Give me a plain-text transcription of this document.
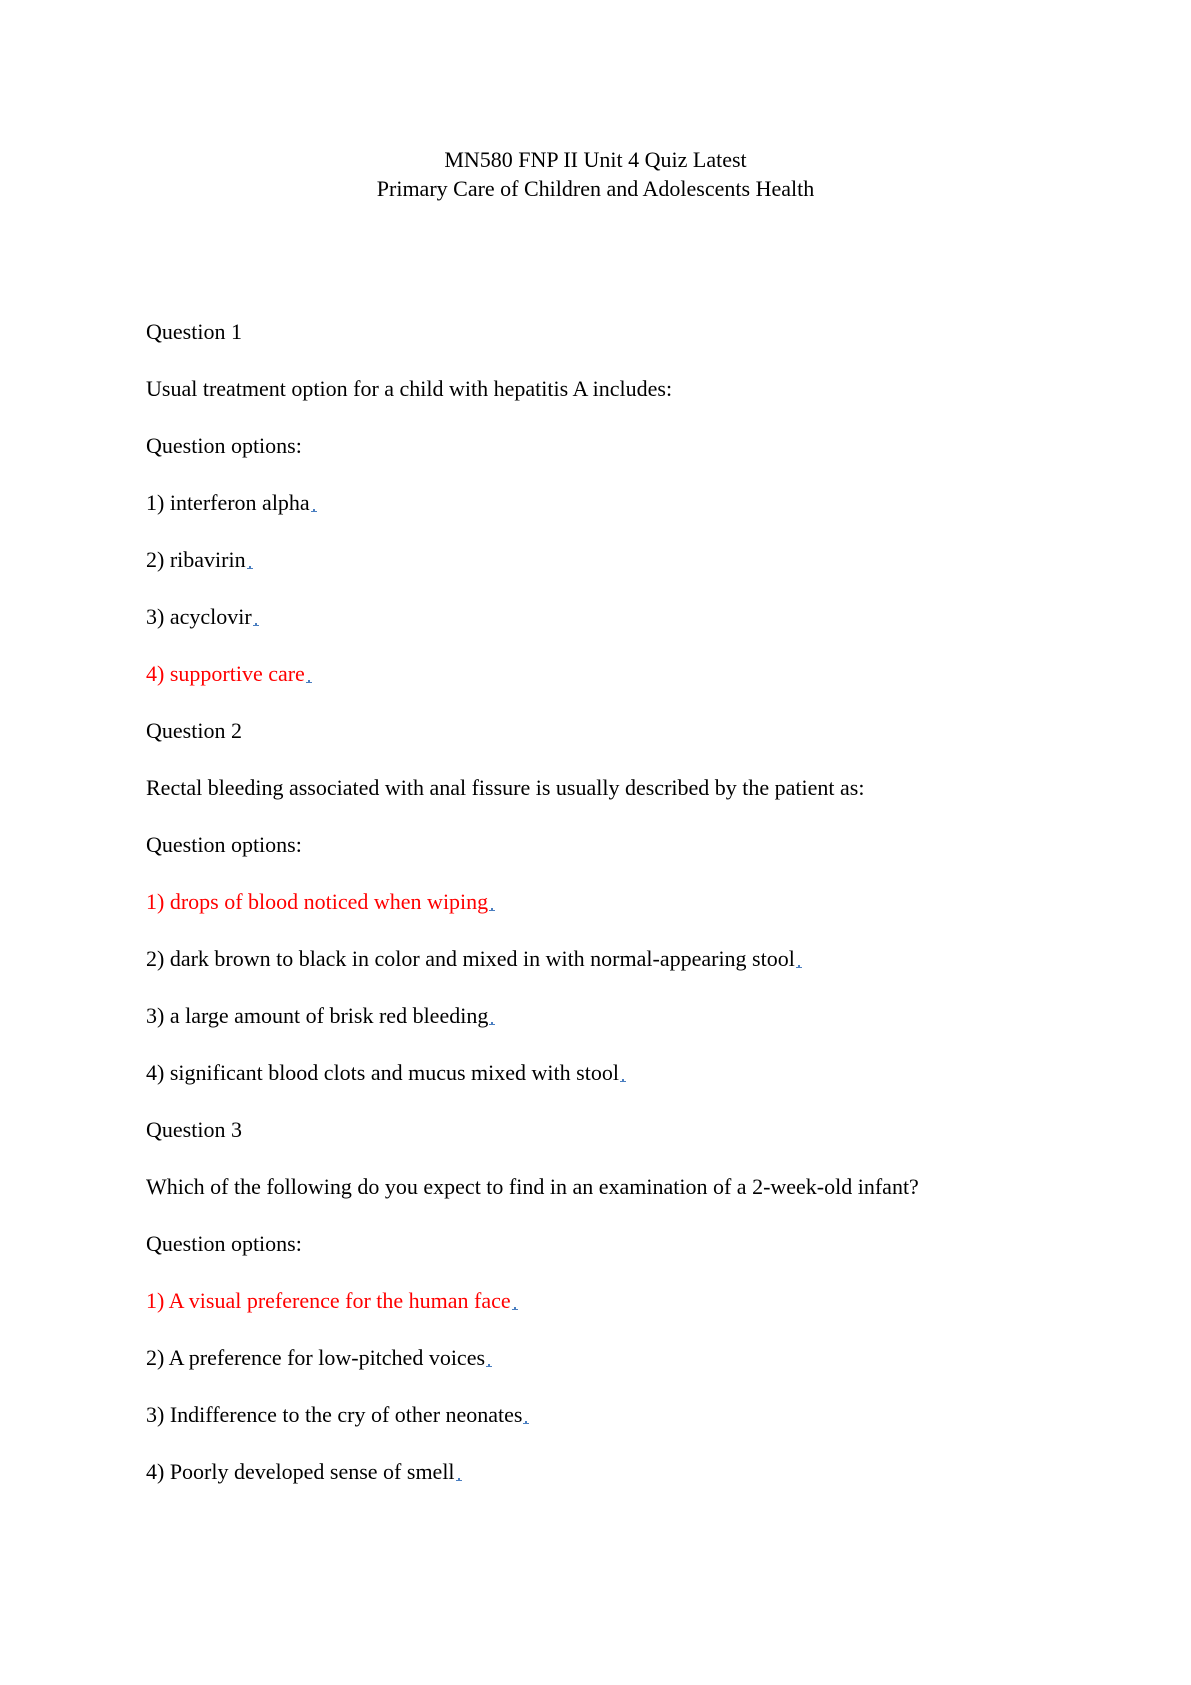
MN580 FNP II Unit 4 Quiz Latest
Primary Care of Children and Adolescents Health
Question 1
Usual treatment option for a child with hepatitis A includes:
Question options:
1) interferon alpha
2) ribavirin
3) acyclovir
4) supportive care
Question 2
Rectal bleeding associated with anal fissure is usually described by the patient as:
Question options:
1) drops of blood noticed when wiping
2) dark brown to black in color and mixed in with normal-appearing stool
3) a large amount of brisk red bleeding
4) significant blood clots and mucus mixed with stool
Question 3
Which of the following do you expect to find in an examination of a 2-week-old infant?
Question options:
1) A visual preference for the human face
2) A preference for low-pitched voices
3) Indifference to the cry of other neonates
4) Poorly developed sense of smell
